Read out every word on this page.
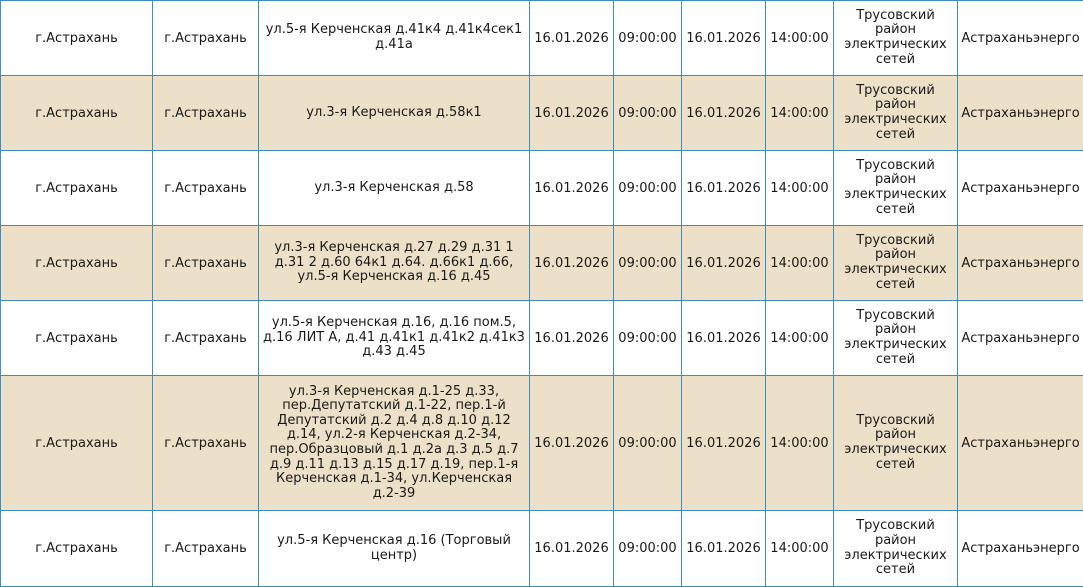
г.Астрахань	г.Астрахань	ул.5-я Керченская д.41к4 д.41к4сек1 д.41а	16.01.2026	09:00:00	16.01.2026	14:00:00	Трусовский район электрических сетей	Астраханьэнерго
г.Астрахань	г.Астрахань	ул.3-я Керченская д.58к1	16.01.2026	09:00:00	16.01.2026	14:00:00	Трусовский район электрических сетей	Астраханьэнерго
г.Астрахань	г.Астрахань	ул.3-я Керченская д.58	16.01.2026	09:00:00	16.01.2026	14:00:00	Трусовский район электрических сетей	Астраханьэнерго
г.Астрахань	г.Астрахань	ул.3-я Керченская д.27 д.29 д.31 1 д.31 2 д.60 64к1 д.64. д.66к1 д.66, ул.5-я Керченская д.16 д.45	16.01.2026	09:00:00	16.01.2026	14:00:00	Трусовский район электрических сетей	Астраханьэнерго
г.Астрахань	г.Астрахань	ул.5-я Керченская д.16, д.16 пом.5, д.16 ЛИТ А, д.41 д.41к1 д.41к2 д.41к3 д.43 д.45	16.01.2026	09:00:00	16.01.2026	14:00:00	Трусовский район электрических сетей	Астраханьэнерго
г.Астрахань	г.Астрахань	ул.3-я Керченская д.1-25 д.33, пер.Депутатский д.1-22, пер.1-й Депутатский д.2 д.4 д.8 д.10 д.12 д.14, ул.2-я Керченская д.2-34, пер.Образцовый д.1 д.2а д.3 д.5 д.7 д.9 д.11 д.13 д.15 д.17 д.19, пер.1-я Керченская д.1-34, ул.Керченская д.2-39	16.01.2026	09:00:00	16.01.2026	14:00:00	Трусовский район электрических сетей	Астраханьэнерго
г.Астрахань	г.Астрахань	ул.5-я Керченская д.16 (Торговый центр)	16.01.2026	09:00:00	16.01.2026	14:00:00	Трусовский район электрических сетей	Астраханьэнерго
